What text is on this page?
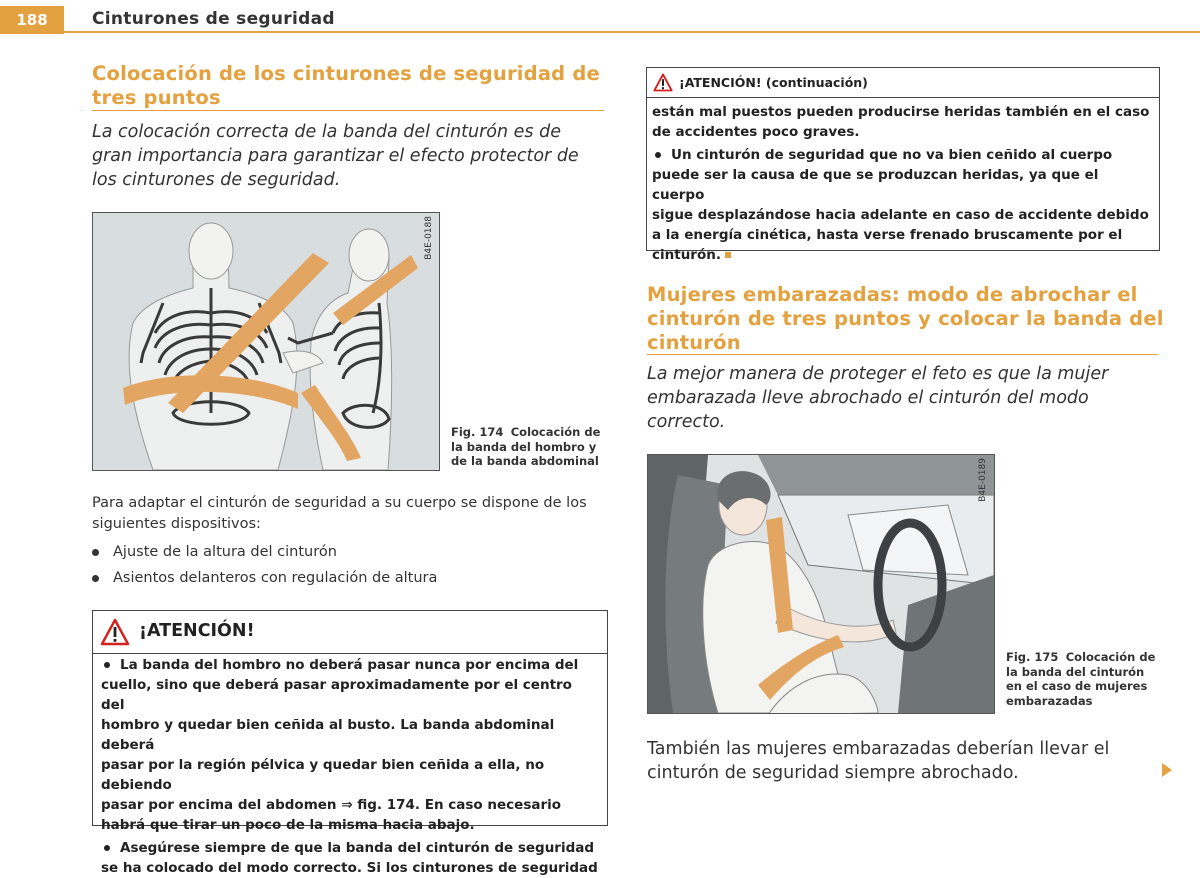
188	Cinturones de seguridad
Colocación de los cinturones de seguridad de
tres puntos
La colocación correcta de la banda del cinturón es de
gran importancia para garantizar el efecto protector de
los cinturones de seguridad.
B4E-0188
Fig. 174 Colocación de
la banda del hombro y
de la banda abdominal
Para adaptar el cinturón de seguridad a su cuerpo se dispone de los
siguientes dispositivos:
Ajuste de la altura del cinturón
Asientos delanteros con regulación de altura
¡ATENCIÓN!
La banda del hombro no deberá pasar nunca por encima del
cuello, sino que deberá pasar aproximadamente por el centro del
hombro y quedar bien ceñida al busto. La banda abdominal deberá
pasar por la región pélvica y quedar bien ceñida a ella, no debiendo
pasar por encima del abdomen ⇒ fig. 174. En caso necesario
habrá que tirar un poco de la misma hacia abajo.
Asegúrese siempre de que la banda del cinturón de seguridad
se ha colocado del modo correcto. Si los cinturones de seguridad
¡ATENCIÓN! (continuación)
están mal puestos pueden producirse heridas también en el caso
de accidentes poco graves.
Un cinturón de seguridad que no va bien ceñido al cuerpo
puede ser la causa de que se produzcan heridas, ya que el cuerpo
sigue desplazándose hacia adelante en caso de accidente debido
a la energía cinética, hasta verse frenado bruscamente por el
cinturón.
Mujeres embarazadas: modo de abrochar el
cinturón de tres puntos y colocar la banda del
cinturón
La mejor manera de proteger el feto es que la mujer
embarazada lleve abrochado el cinturón del modo
correcto.
B4E-0189
Fig. 175 Colocación de
la banda del cinturón
en el caso de mujeres
embarazadas
También las mujeres embarazadas deberían llevar el
cinturón de seguridad siempre abrochado.
